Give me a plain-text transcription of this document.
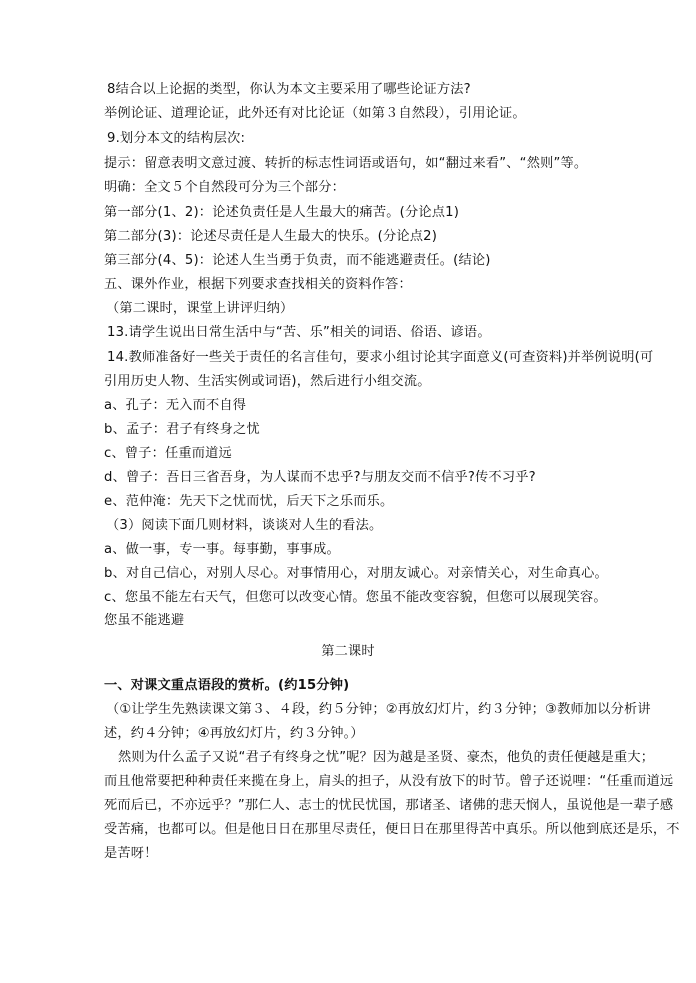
8结合以上论据的类型，你认为本文主要采用了哪些论证方法?

举例论证、道理论证，此外还有对比论证（如第３自然段），引用论证。

9.划分本文的结构层次:

提示：留意表明文意过渡、转折的标志性词语或语句，如“翻过来看”、“然则”等。

明确：全文５个自然段可分为三个部分：

第一部分(1、2)：论述负责任是人生最大的痛苦。(分论点1)

第二部分(3)：论述尽责任是人生最大的快乐。(分论点2)

第三部分(4、5)：论述人生当勇于负责，而不能逃避责任。(结论)

五、课外作业，根据下列要求查找相关的资料作答：

（第二课时，课堂上讲评归纳）

13.请学生说出日常生活中与“苦、乐”相关的词语、俗语、谚语。

14.教师准备好一些关于责任的名言佳句，要求小组讨论其字面意义(可查资料)并举例说明(可

引用历史人物、生活实例或词语)，然后进行小组交流。

a、孔子：无入而不自得

b、孟子：君子有终身之忧

c、曾子：任重而道远

d、曾子：吾日三省吾身，为人谋而不忠乎?与朋友交而不信乎?传不习乎?

e、范仲淹：先天下之忧而忧，后天下之乐而乐。

（3）阅读下面几则材料，谈谈对人生的看法。

a、做一事，专一事。每事勤，事事成。

b、对自己信心，对别人尽心。对事情用心，对朋友诚心。对亲情关心，对生命真心。

c、您虽不能左右天气，但您可以改变心情。您虽不能改变容貌，但您可以展现笑容。

您虽不能逃避

第二课时

一、对课文重点语段的赏析。(约15分钟)

（①让学生先熟读课文第３、４段，约５分钟；②再放幻灯片，约３分钟；③教师加以分析讲

述，约４分钟；④再放幻灯片，约３分钟。）

然则为什么孟子又说“君子有终身之忧”呢？因为越是圣贤、豪杰，他负的责任便越是重大；

而且他常要把种种责任来揽在身上，肩头的担子，从没有放下的时节。曾子还说哩：“任重而道远

死而后已，不亦远乎？”那仁人、志士的忧民忧国，那诸圣、诸佛的悲天悯人，虽说他是一辈子感

受苦痛，也都可以。但是他日日在那里尽责任，便日日在那里得苦中真乐。所以他到底还是乐，不

是苦呀！
